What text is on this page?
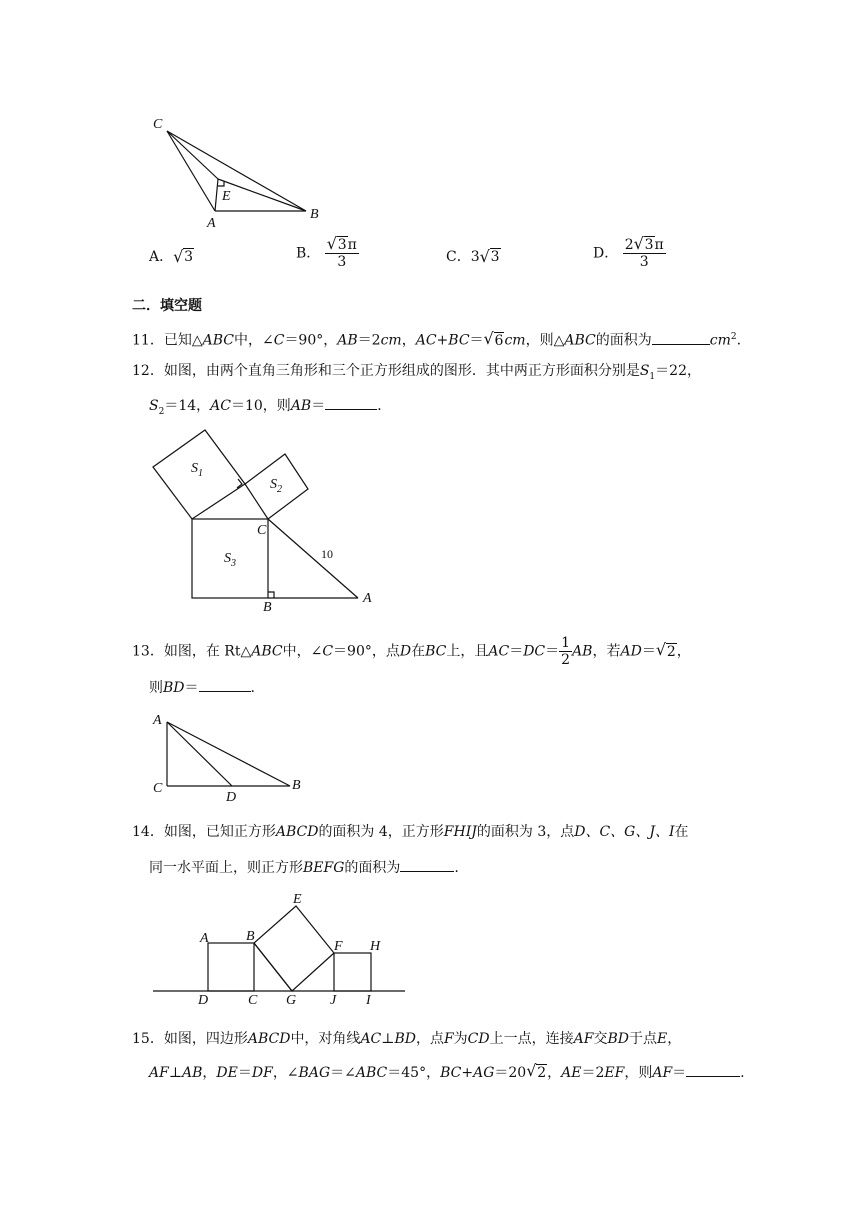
C
E
A
B
A． √ 3	B． √ $\frac{3\pi}{3}$	C．3 √ 3	D． $\frac{2 √ 3\pi}{3}$
二．填空题
11．已知△ABC中，∠C＝90°，AB＝2cm，AC+BC＝ √ 6cm，则△ABC的面积为	$cm^2$.
12．如图，由两个直角三角形和三个正方形组成的图形．其中两正方形面积分别是$S_1=22$，
$S_2=14$，AC＝10，则AB＝	．
$S_1$
$S_2$
$S_3$
C
B
A
10
13．如图，在 Rt△ABC中，∠C＝90°，点D在BC上，且$AC=DC= \frac{1}{2}$ AB，若AD＝ √ 2，
则BD＝	.
A
C
D
B
14．如图，已知正方形ABCD的面积为 4，正方形FHIJ的面积为 3，点D、C、G、J、I在
同一水平面上，则正方形BEFG的面积为	.
A	B
E
F H
D	C G J I
15．如图，四边形ABCD中，对角线AC⊥BD，点F为CD上一点，连接AF交BD于点E，
AF⊥AB，DE＝DF，∠BAG＝∠ABC＝45°，BC+AG＝20 √ 2，AE＝2EF，则AF＝	.
